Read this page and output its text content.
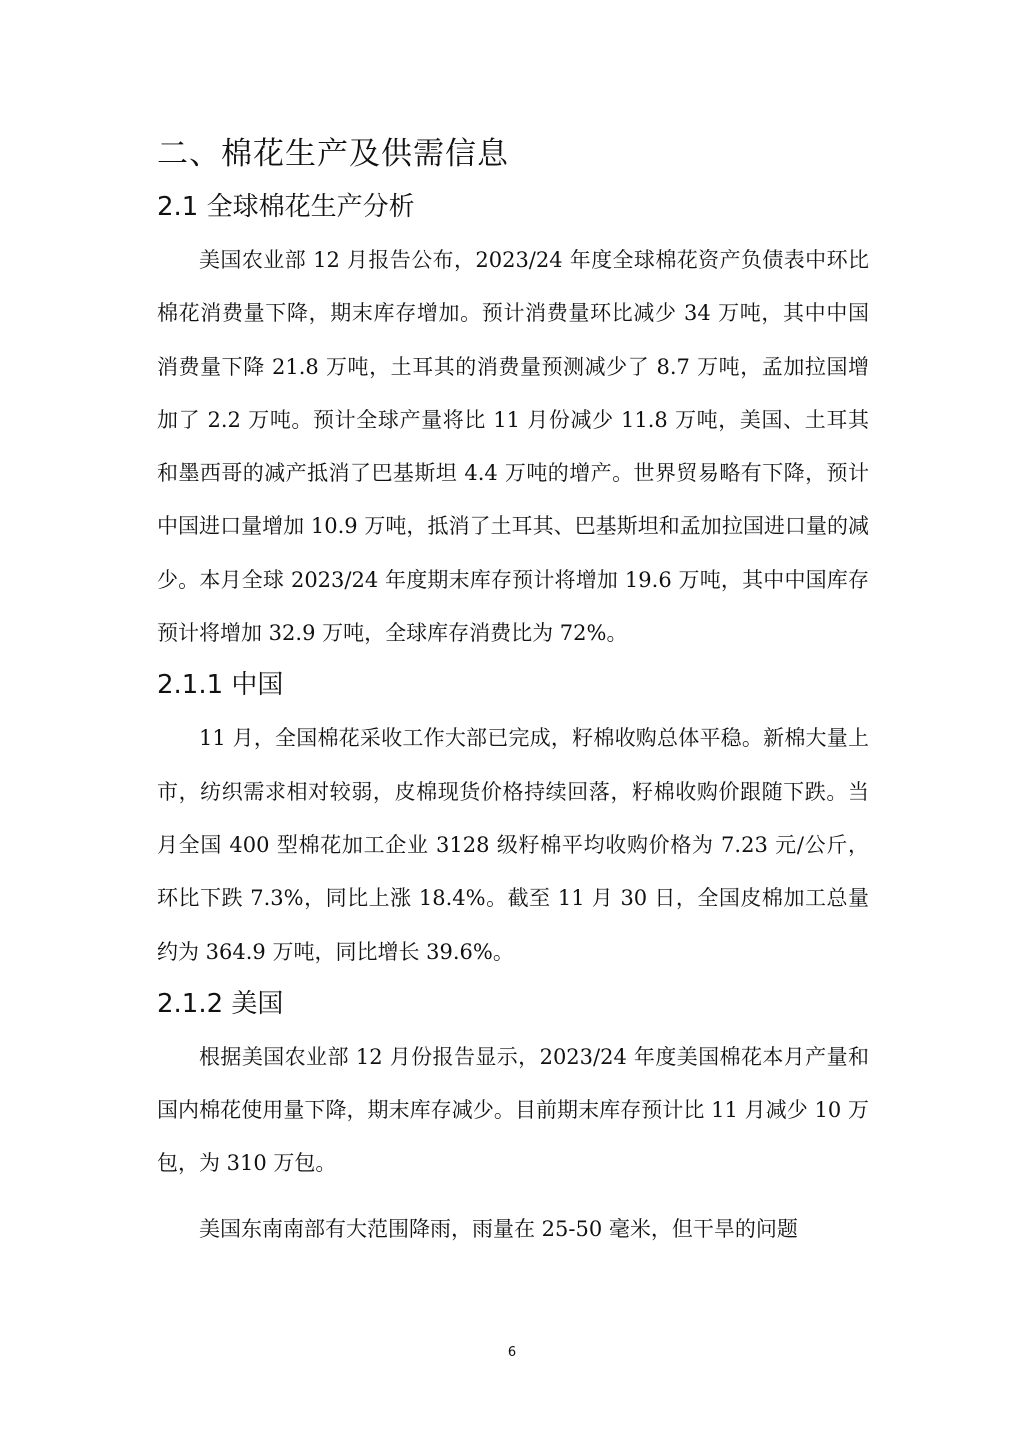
二、棉花生产及供需信息
2.1 全球棉花生产分析

美国农业部 12 月报告公布，2023/24 年度全球棉花资产负债表中环比棉花消费量下降，期末库存增加。预计消费量环比减少 34 万吨，其中中国消费量下降 21.8 万吨，土耳其的消费量预测减少了 8.7 万吨，孟加拉国增加了 2.2 万吨。预计全球产量将比 11 月份减少 11.8 万吨，美国、土耳其和墨西哥的减产抵消了巴基斯坦 4.4 万吨的增产。世界贸易略有下降，预计中国进口量增加 10.9 万吨，抵消了土耳其、巴基斯坦和孟加拉国进口量的减少。本月全球 2023/24 年度期末库存预计将增加 19.6 万吨，其中中国库存预计将增加 32.9 万吨，全球库存消费比为 72%。

2.1.1 中国

11 月，全国棉花采收工作大部已完成，籽棉收购总体平稳。新棉大量上市，纺织需求相对较弱，皮棉现货价格持续回落，籽棉收购价跟随下跌。当月全国 400 型棉花加工企业 3128 级籽棉平均收购价格为 7.23 元/公斤，环比下跌 7.3%，同比上涨 18.4%。截至 11 月 30 日，全国皮棉加工总量约为 364.9 万吨，同比增长 39.6%。

2.1.2 美国

根据美国农业部 12 月份报告显示，2023/24 年度美国棉花本月产量和国内棉花使用量下降，期末库存减少。目前期末库存预计比 11 月减少 10 万包，为 310 万包。

美国东南南部有大范围降雨，雨量在 25-50 毫米，但干旱的问题

6
